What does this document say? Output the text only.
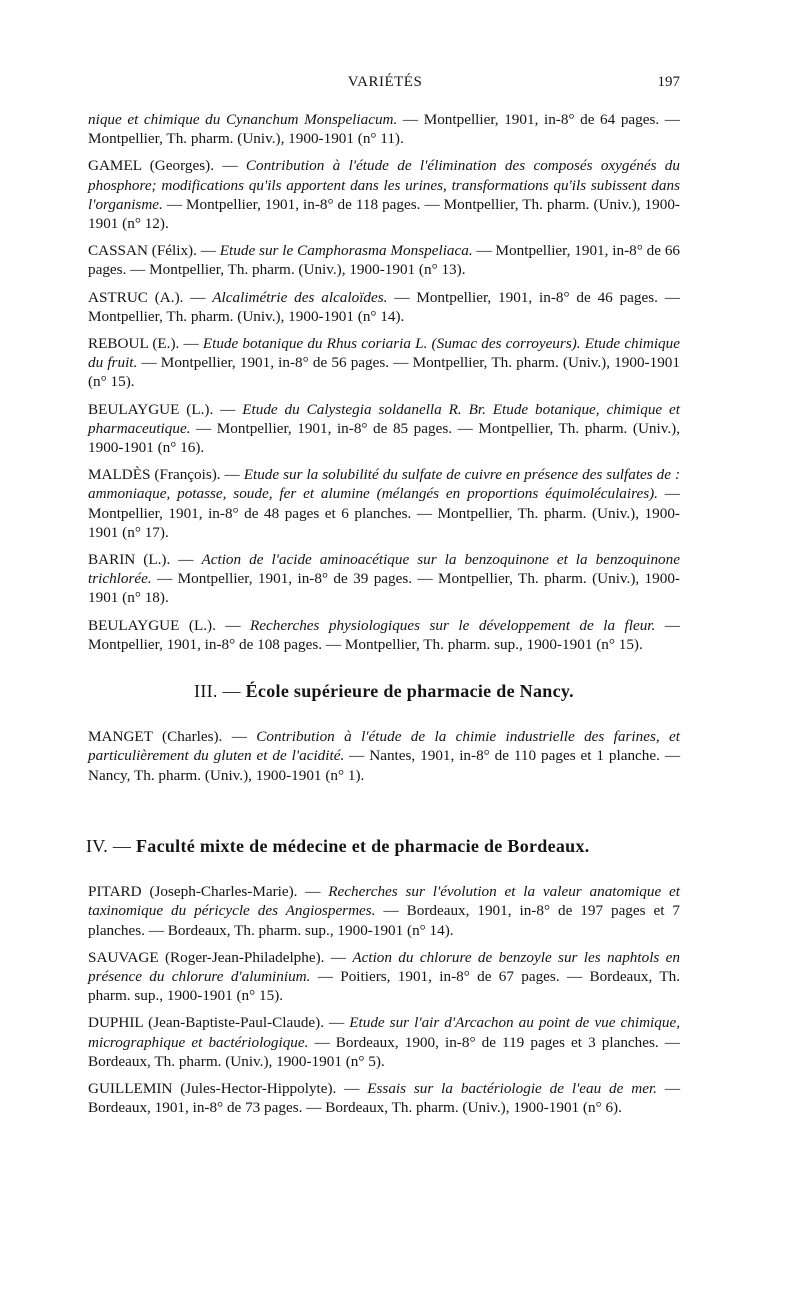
VARIÉTÉS	197

nique et chimique du Cynanchum Monspeliacum. — Montpellier, 1901, in-8° de 64 pages. — Montpellier, Th. pharm. (Univ.), 1900-1901 (n° 11).

GAMEL (Georges). — Contribution à l'étude de l'élimination des composés oxygénés du phosphore; modifications qu'ils apportent dans les urines, transformations qu'ils subissent dans l'organisme. — Montpellier, 1901, in-8° de 118 pages. — Montpellier, Th. pharm. (Univ.), 1900-1901 (n° 12).

CASSAN (Félix). — Etude sur le Camphorasma Monspeliaca. — Montpellier, 1901, in-8° de 66 pages. — Montpellier, Th. pharm. (Univ.), 1900-1901 (n° 13).

ASTRUC (A.). — Alcalimétrie des alcaloïdes. — Montpellier, 1901, in-8° de 46 pages. — Montpellier, Th. pharm. (Univ.), 1900-1901 (n° 14).

REBOUL (E.). — Etude botanique du Rhus coriaria L. (Sumac des corroyeurs). Etude chimique du fruit. — Montpellier, 1901, in-8° de 56 pages. — Montpellier, Th. pharm. (Univ.), 1900-1901 (n° 15).

BEULAYGUE (L.). — Etude du Calystegia soldanella R. Br. Etude botanique, chimique et pharmaceutique. — Montpellier, 1901, in-8° de 85 pages. — Montpellier, Th. pharm. (Univ.), 1900-1901 (n° 16).

MALDÈS (François). — Etude sur la solubilité du sulfate de cuivre en présence des sulfates de : ammoniaque, potasse, soude, fer et alumine (mélangés en proportions équimoléculaires). — Montpellier, 1901, in-8° de 48 pages et 6 planches. — Montpellier, Th. pharm. (Univ.), 1900-1901 (n° 17).

BARIN (L.). — Action de l'acide aminoacétique sur la benzoquinone et la benzoquinone trichlorée. — Montpellier, 1901, in-8° de 39 pages. — Montpellier, Th. pharm. (Univ.), 1900-1901 (n° 18).

BEULAYGUE (L.). — Recherches physiologiques sur le développement de la fleur. — Montpellier, 1901, in-8° de 108 pages. — Montpellier, Th. pharm. sup., 1900-1901 (n° 15).

III. — École supérieure de pharmacie de Nancy.

MANGET (Charles). — Contribution à l'étude de la chimie industrielle des farines, et particulièrement du gluten et de l'acidité. — Nantes, 1901, in-8° de 110 pages et 1 planche. — Nancy, Th. pharm. (Univ.), 1900-1901 (n° 1).

IV. — Faculté mixte de médecine et de pharmacie de Bordeaux.

PITARD (Joseph-Charles-Marie). — Recherches sur l'évolution et la valeur anatomique et taxinomique du péricycle des Angiospermes. — Bordeaux, 1901, in-8° de 197 pages et 7 planches. — Bordeaux, Th. pharm. sup., 1900-1901 (n° 14).

SAUVAGE (Roger-Jean-Philadelphe). — Action du chlorure de benzoyle sur les naphtols en présence du chlorure d'aluminium. — Poitiers, 1901, in-8° de 67 pages. — Bordeaux, Th. pharm. sup., 1900-1901 (n° 15).

DUPHIL (Jean-Baptiste-Paul-Claude). — Etude sur l'air d'Arcachon au point de vue chimique, micrographique et bactériologique. — Bordeaux, 1900, in-8° de 119 pages et 3 planches. — Bordeaux, Th. pharm. (Univ.), 1900-1901 (n° 5).

GUILLEMIN (Jules-Hector-Hippolyte). — Essais sur la bactériologie de l'eau de mer. — Bordeaux, 1901, in-8° de 73 pages. — Bordeaux, Th. pharm. (Univ.), 1900-1901 (n° 6).
